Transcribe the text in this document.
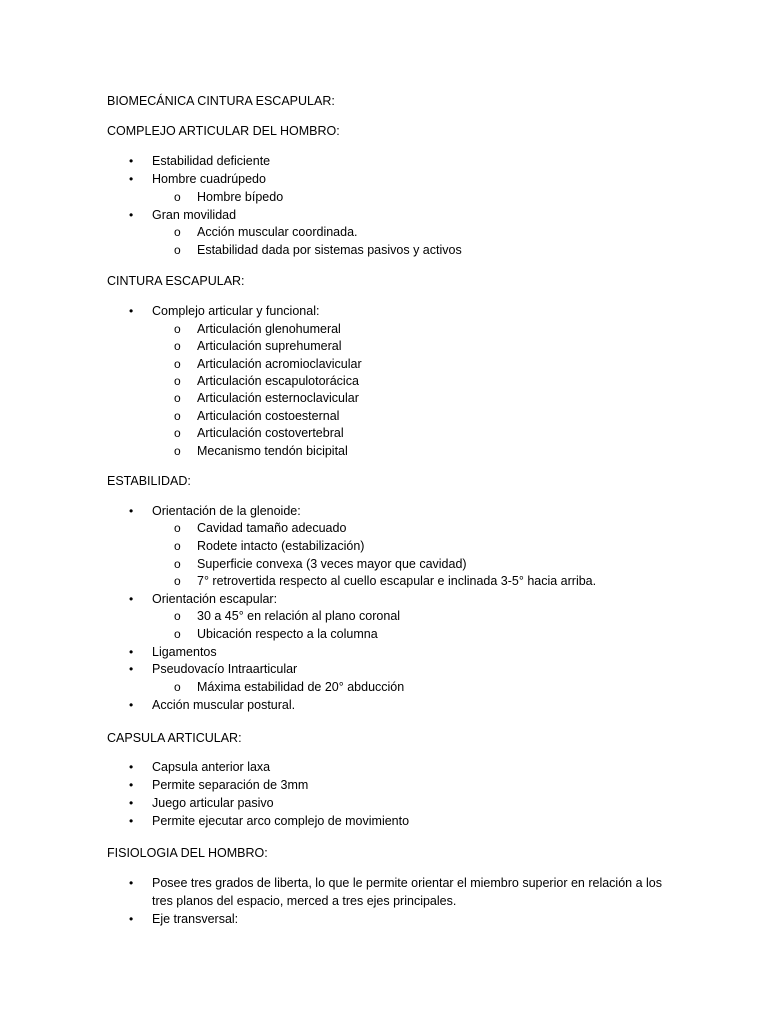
BIOMECÁNICA CINTURA ESCAPULAR:
COMPLEJO ARTICULAR DEL HOMBRO:
• Estabilidad deficiente
• Hombre cuadrúpedo
o Hombre bípedo
• Gran movilidad
o Acción muscular coordinada.
o Estabilidad dada por sistemas pasivos y activos
CINTURA ESCAPULAR:
• Complejo articular y funcional:
o Articulación glenohumeral
o Articulación suprehumeral
o Articulación acromioclavicular
o Articulación escapulotorácica
o Articulación esternoclavicular
o Articulación costoesternal
o Articulación costovertebral
o Mecanismo tendón bicipital
ESTABILIDAD:
• Orientación de la glenoide:
o Cavidad tamaño adecuado
o Rodete intacto (estabilización)
o Superficie convexa (3 veces mayor que cavidad)
o 7° retrovertida respecto al cuello escapular e inclinada 3-5° hacia arriba.
• Orientación escapular:
o 30 a 45° en relación al plano coronal
o Ubicación respecto a la columna
• Ligamentos
• Pseudovacío Intraarticular
o Máxima estabilidad de 20° abducción
• Acción muscular postural.
CAPSULA ARTICULAR:
• Capsula anterior laxa
• Permite separación de 3mm
• Juego articular pasivo
• Permite ejecutar arco complejo de movimiento
FISIOLOGIA DEL HOMBRO:
• Posee tres grados de liberta, lo que le permite orientar el miembro superior en relación a los tres planos del espacio, merced a tres ejes principales.
• Eje transversal:
